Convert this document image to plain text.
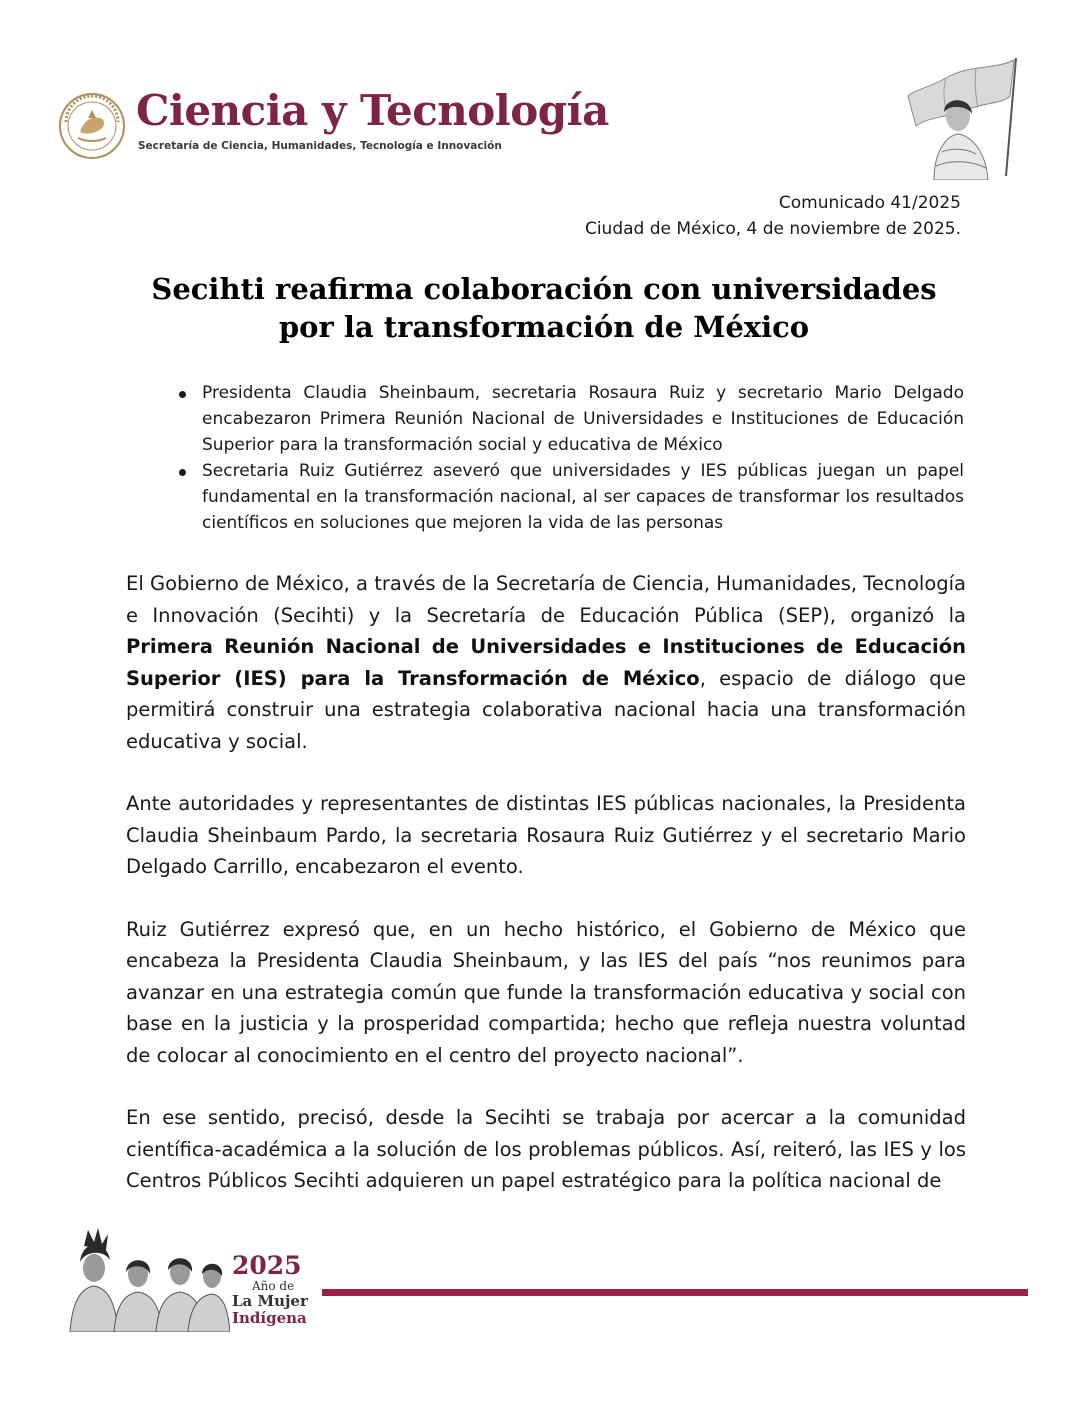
Ciencia y Tecnología
Secretaría de Ciencia, Humanidades, Tecnología e Innovación
Comunicado 41/2025
Ciudad de México, 4 de noviembre de 2025.
Secihti reafirma colaboración con universidades
por la transformación de México
Presidenta Claudia Sheinbaum, secretaria Rosaura Ruiz y secretario Mario Delgado encabezaron Primera Reunión Nacional de Universidades e Instituciones de Educación Superior para la transformación social y educativa de México
Secretaria Ruiz Gutiérrez aseveró que universidades y IES públicas juegan un papel fundamental en la transformación nacional, al ser capaces de transformar los resultados científicos en soluciones que mejoren la vida de las personas

El Gobierno de México, a través de la Secretaría de Ciencia, Humanidades, Tecnología e Innovación (Secihti) y la Secretaría de Educación Pública (SEP), organizó la Primera Reunión Nacional de Universidades e Instituciones de Educación Superior (IES) para la Transformación de México, espacio de diálogo que permitirá construir una estrategia colaborativa nacional hacia una transformación educativa y social.

Ante autoridades y representantes de distintas IES públicas nacionales, la Presidenta Claudia Sheinbaum Pardo, la secretaria Rosaura Ruiz Gutiérrez y el secretario Mario Delgado Carrillo, encabezaron el evento.

Ruiz Gutiérrez expresó que, en un hecho histórico, el Gobierno de México que encabeza la Presidenta Claudia Sheinbaum, y las IES del país “nos reunimos para avanzar en una estrategia común que funde la transformación educativa y social con base en la justicia y la prosperidad compartida; hecho que refleja nuestra voluntad de colocar al conocimiento en el centro del proyecto nacional”.

En ese sentido, precisó, desde la Secihti se trabaja por acercar a la comunidad científica-académica a la solución de los problemas públicos. Así, reiteró, las IES y los Centros Públicos Secihti adquieren un papel estratégico para la política nacional de

2025
Año de
La Mujer
Indígena
